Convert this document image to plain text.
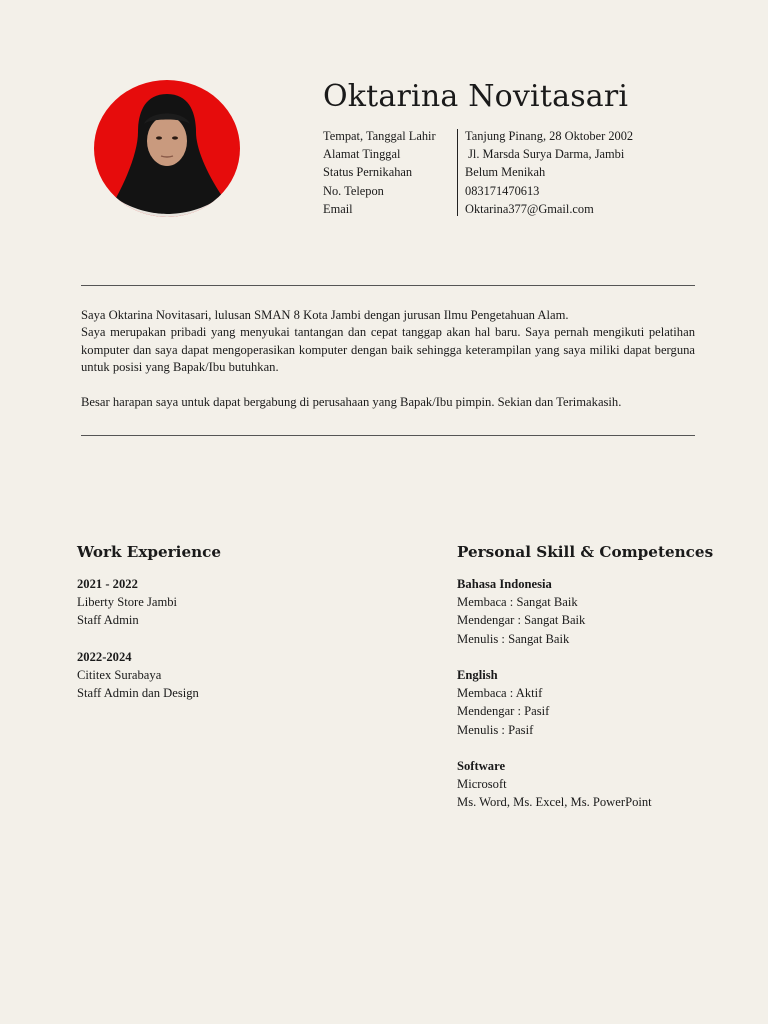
Oktarina Novitasari
Tempat, Tanggal Lahir	Tanjung Pinang, 28 Oktober 2002
Alamat Tinggal	Jl. Marsda Surya Darma, Jambi
Status Pernikahan	Belum Menikah
No. Telepon	083171470613
Email	Oktarina377@Gmail.com

Saya Oktarina Novitasari, lulusan SMAN 8 Kota Jambi dengan jurusan Ilmu Pengetahuan Alam.

Saya merupakan pribadi yang menyukai tantangan dan cepat tanggap akan hal baru. Saya pernah mengikuti pelatihan komputer dan saya dapat mengoperasikan komputer dengan baik sehingga keterampilan yang saya miliki dapat berguna untuk posisi yang Bapak/Ibu butuhkan.

Besar harapan saya untuk dapat bergabung di perusahaan yang Bapak/Ibu pimpin. Sekian dan Terimakasih.

Work Experience
2021 - 2022
Liberty Store Jambi
Staff Admin
2022-2024
Cititex Surabaya
Staff Admin dan Design
Personal Skill & Competences
Bahasa Indonesia
Membaca : Sangat Baik
Mendengar : Sangat Baik
Menulis : Sangat Baik
English
Membaca : Aktif
Mendengar : Pasif
Menulis : Pasif
Software
Microsoft
Ms. Word, Ms. Excel, Ms. PowerPoint
